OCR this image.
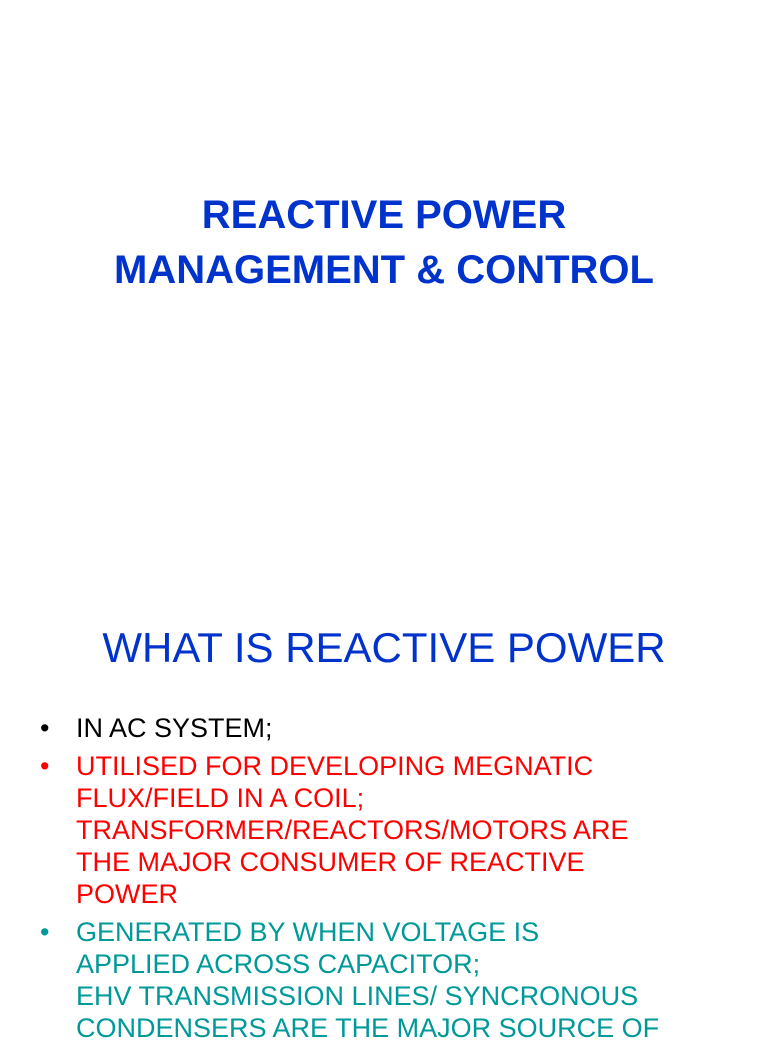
REACTIVE POWER
MANAGEMENT & CONTROL
WHAT IS REACTIVE POWER
• IN AC SYSTEM;
• UTILISED FOR DEVELOPING MEGNATIC
FLUX/FIELD IN A COIL;
TRANSFORMER/REACTORS/MOTORS ARE
THE MAJOR CONSUMER OF REACTIVE
POWER
• GENERATED BY WHEN VOLTAGE IS
APPLIED ACROSS CAPACITOR;
EHV TRANSMISSION LINES/ SYNCRONOUS
CONDENSERS ARE THE MAJOR SOURCE OF
